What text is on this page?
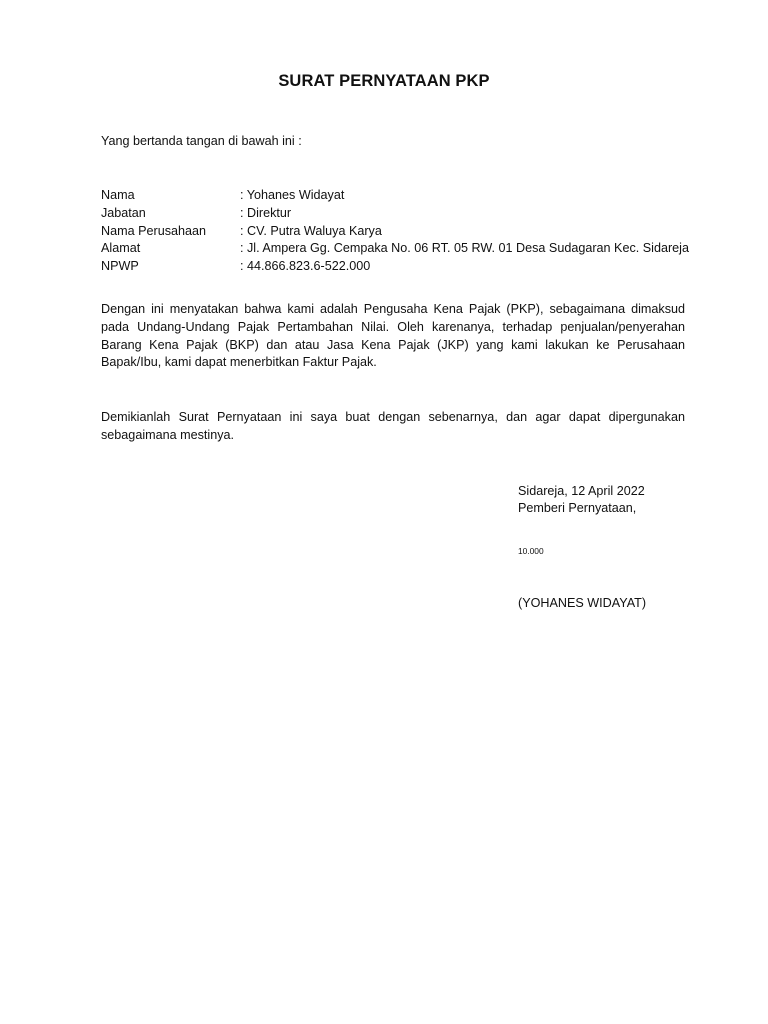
SURAT PERNYATAAN PKP
Yang bertanda tangan di bawah ini :
Nama	: Yohanes Widayat
Jabatan	: Direktur
Nama Perusahaan	: CV. Putra Waluya Karya
Alamat	: Jl. Ampera Gg. Cempaka No. 06 RT. 05 RW. 01 Desa Sudagaran Kec. Sidareja
NPWP	: 44.866.823.6-522.000
Dengan ini menyatakan bahwa kami adalah Pengusaha Kena Pajak (PKP), sebagaimana dimaksud pada Undang-Undang Pajak Pertambahan Nilai. Oleh karenanya, terhadap penjualan/penyerahan Barang Kena Pajak (BKP) dan atau Jasa Kena Pajak (JKP) yang kami lakukan ke Perusahaan Bapak/Ibu, kami dapat menerbitkan Faktur Pajak.
Demikianlah Surat Pernyataan ini saya buat dengan sebenarnya, dan agar dapat dipergunakan sebagaimana mestinya.
Sidareja, 12 April 2022
Pemberi Pernyataan,
10.000
(YOHANES WIDAYAT)
